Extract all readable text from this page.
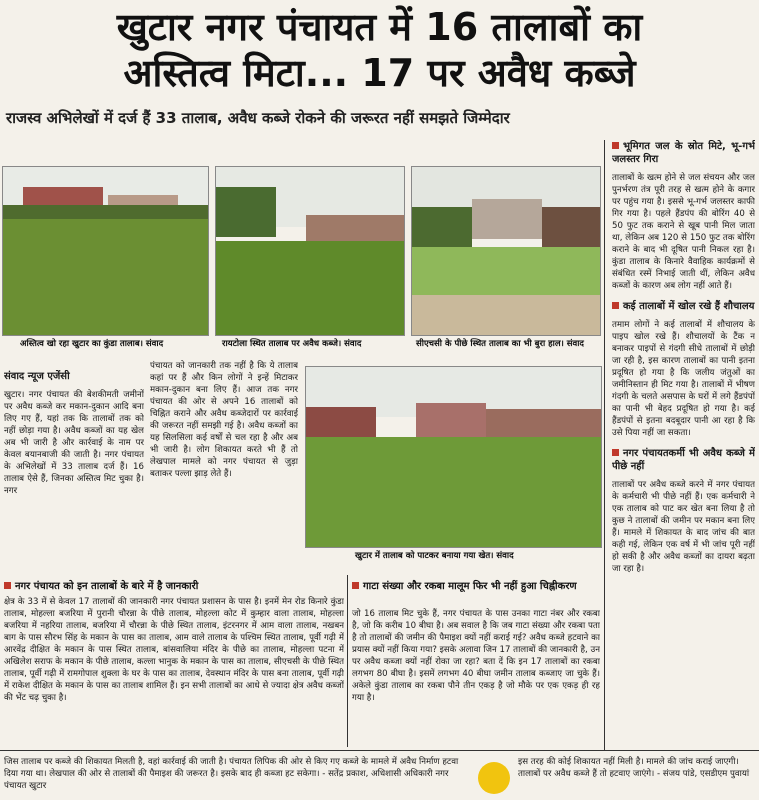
खुटार नगर पंचायत में 16 तालाबों का
अस्तित्व मिटा... 17 पर अवैध कब्जे
राजस्व अभिलेखों में दर्ज हैं 33 तालाब, अवैध कब्जे रोकने की जरूरत नहीं समझते जिम्मेदार
अस्तित्व खो रहा खुटार का कुंडा तालाब। संवाद	रायटोला स्थित तालाब पर अवैध कब्जे। संवाद	सीएचसी के पीछे स्थित तालाब का भी बुरा हाल। संवाद
भूमिगत जल के स्रोत मिटे, भू-गर्भ जलस्तर गिरा
तालाबों के खत्म होने से जल संचयन और जल पुनर्भरण तंत्र पूरी तरह से खत्म होने के कगार पर पहुंच गया है। इससे भू-गर्भ जलस्तर काफी गिर गया है। पहले हैंडपंप की बोरिंग 40 से 50 फुट तक कराने से खूब पानी मिल जाता था, लेकिन अब 120 से 150 फुट तक बोरिंग कराने के बाद भी दूषित पानी निकल रहा है। कुंडा तालाब के किनारे वैवाहिक कार्यक्रमों से संबंधित रस्में निभाई जाती थीं, लेकिन अवैध कब्जों के कारण अब लोग नहीं आते हैं।
कई तालाबों में खोल रखे हैं शौचालय
तमाम लोगों ने कई तालाबों में शौचालय के पाइप खोल रखे हैं। शौचालयों के टैंक न बनाकर पाइपों से गंदगी सीधे तालाबों में छोड़ी जा रही है, इस कारण तालाबों का पानी इतना प्रदूषित हो गया है कि जलीय जंतुओं का जमीनिस्तान ही मिट गया है। तालाबों में भीषण गंदगी के चलते असपास के घरों में लगे हैंडपंपों का पानी भी बेहद प्रदूषित हो गया है। कई हैंडपंपों से इतना बदबूदार पानी आ रहा है कि उसे पिया नहीं जा सकता।
नगर पंचायतकर्मी भी अवैध कब्जे में पीछे नहीं
तालाबों पर अवैध कब्जे करने में नगर पंचायत के कर्मचारी भी पीछे नहीं हैं। एक कर्मचारी ने एक तालाब को पाट कर खेत बना लिया है तो कुछ ने तालाबों की जमीन पर मकान बना लिए हैं। मामले में शिकायत के बाद जांच की बात कही गई, लेकिन एक वर्ष में भी जांच पूरी नहीं हो सकी है और अवैध कब्जों का दायरा बढ़ता जा रहा है।
संवाद न्यूज एजेंसी
खुटार। नगर पंचायत की बेशकीमती जमीनों पर अवैध कब्जे कर मकान-दुकान आदि बना लिए गए हैं, यहां तक कि तालाबों तक को नहीं छोड़ा गया है। अवैध कब्जों का यह खेल अब भी जारी है और कार्रवाई के नाम पर केवल बयानबाजी की जाती है। नगर पंचायत के अभिलेखों में 33 तालाब दर्ज हैं। 16 तालाब ऐसे हैं, जिनका अस्तित्व मिट चुका है। नगर
पंचायत को जानकारी तक नहीं है कि ये तालाब कहां पर हैं और किन लोगों ने इन्हें मिटाकर मकान-दुकान बना लिए हैं। आज तक नगर पंचायत की ओर से अपने 16 तालाबों को चिह्नित कराने और अवैध कब्जेदारों पर कार्रवाई की जरूरत नहीं समझी गई है। अवैध कब्जों का यह सिलसिला कई वर्षों से चल रहा है और अब भी जारी है। लोग शिकायत करते भी हैं तो लेखपाल मामले को नगर पंचायत से जुड़ा बताकर पल्ला झाड़ लेते हैं।
खुटार में तालाब को पाटकर बनाया गया खेत। संवाद
नगर पंचायत को इन तालाबों के बारे में है जानकारी
क्षेत्र के 33 में से केवल 17 तालाबों की जानकारी नगर पंचायत प्रशासन के पास है। इनमें मेन रोड किनारे कुंडा तालाब, मोहल्ला बजरिया में पुरानी चौरन्ना के पीछे तालाब, मोहल्ला कोट में कुम्हार वाला तालाब, मोहल्ला बजरिया में नहरिया तालाब, बजरिया में चौरन्ना के पीछे स्थित तालाब, इंटरनगर में आम वाला तालाब, नखबन बाग के पास सौरभ सिंह के मकान के पास का तालाब, आम वाले तालाब के पश्चिम स्थित तालाब, पूर्वी गढ़ी में आरवेंद्र दीक्षित के मकान के पास स्थित तालाब, बांसवालिया मंदिर के पीछे का तालाब, मोहल्ला पटना में अखिलेश सराफ के मकान के पीछे तालाब, कल्ला भानुक के मकान के पास का तालाब, सीएचसी के पीछे स्थित तालाब, पूर्वी गढ़ी में रामगोपाल शुक्ला के घर के पास का तालाब, देवस्थान मंदिर के पास बना तालाब, पूर्वी गढ़ी में राकेश दीक्षित के मकान के पास का तालाब शामिल हैं। इन सभी तालाबों का आधे से ज्यादा क्षेत्र अवैध कब्जों की भेंट चढ़ चुका है।
गाटा संख्या और रकबा मालूम फिर भी नहीं हुआ चिह्नीकरण
जो 16 तालाब मिट चुके हैं, नगर पंचायत के पास उनका गाटा नंबर और रकबा है, जो कि करीब 10 बीघा है। अब सवाल है कि जब गाटा संख्या और रकबा पता है तो तालाबों की जमीन की पैमाइश क्यों नहीं कराई गई? अवैध कब्जे हटवाने का प्रयास क्यों नहीं किया गया? इसके अलावा जिन 17 तालाबों की जानकारी है, उन पर अवैध कब्जा क्यों नहीं रोका जा रहा? बता दें कि इन 17 तालाबों का रकबा लगभग 80 बीघा है। इसमें लगभग 40 बीघा जमीन तालाब कब्जाए जा चुके हैं। अकेले कुंडा तालाब का रकबा पौने तीन एकड़ है जो मौके पर एक एकड़ ही रह गया है।
जिस तालाब पर कब्जे की शिकायत मिलती है, वहां कार्रवाई की जाती है। पंचायत लिपिक की ओर से किए गए कब्जे के मामले में अवैध निर्माण हटवा दिया गया था। लेखपाल की ओर से तालाबों की पैमाइश की जरूरत है। इसके बाद ही कब्जा हट सकेगा। - सतेंद्र प्रकाश, अधिशासी अधिकारी नगर पंचायत खुटार
इस तरह की कोई शिकायत नहीं मिली है। मामले की जांच कराई जाएगी। तालाबों पर अवैध कब्जे हैं तो हटवाए जाएंगे। - संजय पांडे, एसडीएम पुवायां
